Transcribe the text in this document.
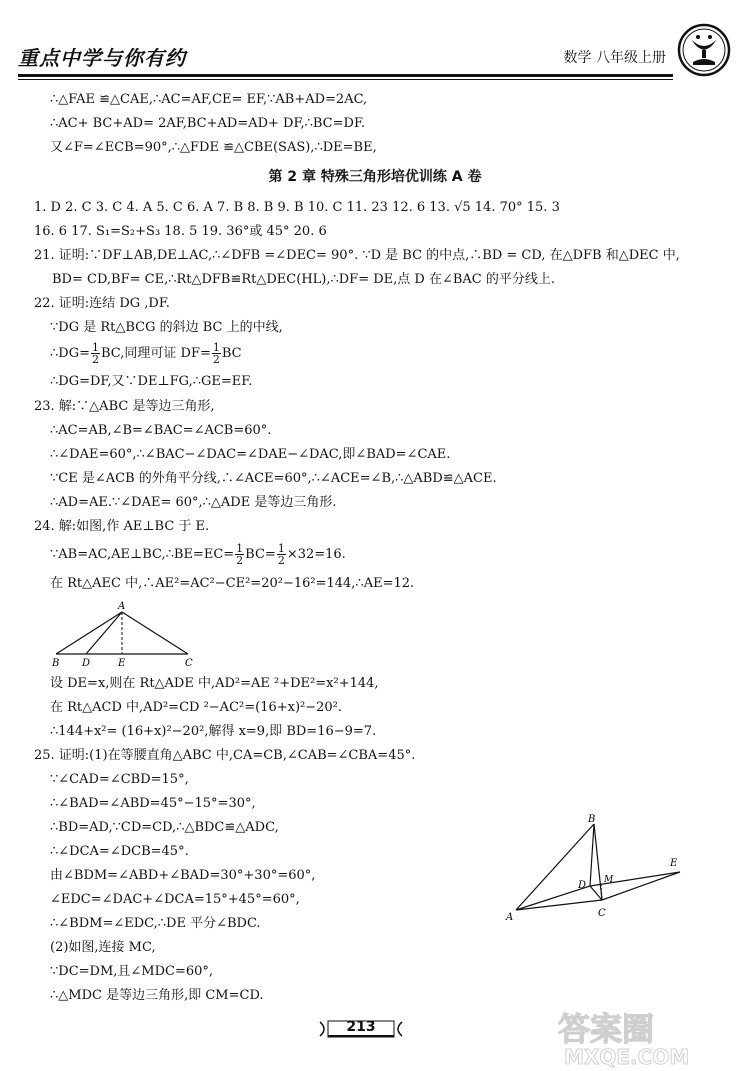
重点中学与你有约	数学 八年级上册
∴△FAE ≌△CAE,∴AC=AF,CE= EF,∵AB+AD=2AC,
∴AC+ BC+AD= 2AF,BC+AD=AD+ DF,∴BC=DF.
又∠F=∠ECB=90°,∴△FDE ≌△CBE(SAS),∴DE=BE,
第 2 章 特殊三角形培优训练 A 卷
1. D 2. C 3. C 4. A 5. C 6. A 7. B 8. B 9. B 10. C 11. 23 12. 6 13. √5 14. 70° 15. 3
16. 6 17. S₁=S₂+S₃ 18. 5 19. 36°或 45° 20. 6
21. 证明:∵DF⊥AB,DE⊥AC,∴∠DFB =∠DEC= 90°. ∵D 是 BC 的中点,∴BD = CD, 在△DFB 和△DEC 中,
BD= CD,BF= CE,∴Rt△DFB≌Rt△DEC(HL),∴DF= DE,点 D 在∠BAC 的平分线上.
22. 证明:连结 DG ,DF.
∵DG 是 Rt△BCG 的斜边 BC 上的中线,
∴DG= $\frac{1}{2}$ BC,同理可证 $DF= \frac{1}{2}$ BC
∴DG=DF,又∵DE⊥FG,∴GE=EF.
23. 解:∵△ABC 是等边三角形,
∴AC=AB,∠B=∠BAC=∠ACB=60°.
∴∠DAE=60°,∴∠BAC−∠DAC=∠DAE−∠DAC,即∠BAD=∠CAE.
∵CE 是∠ACB 的外角平分线,∴∠ACE=60°,∴∠ACE=∠B,∴△ABD≌△ACE.
∴AD=AE.∵∠DAE= 60°,∴△ADE 是等边三角形.
24. 解:如图,作 AE⊥BC 于 E.
∵AB=AC,AE⊥BC,∴BE=EC= $\frac{1}{2} BC= \frac{1}{2} \times 32=16$.
在 Rt△AEC 中,∴AE²=AC²−CE²=20²−16²=144,∴AE=12.
A
B D	E	C
设 DE=x,则在 Rt△ADE 中,AD²=AE ²+DE²=x²+144,
在 Rt△ACD 中,AD²=CD ²−AC²=(16+x)²−20².
∴144+x²= (16+x)²−20²,解得 x=9,即 BD=16−9=7.
25. 证明:(1)在等腰直角△ABC 中,CA=CB,∠CAB=∠CBA=45°.
∵∠CAD=∠CBD=15°,
∴∠BAD=∠ABD=45°−15°=30°,
∴BD=AD,∵CD=CD,∴△BDC≌△ADC,
∴∠DCA=∠DCB=45°.
由∠BDM=∠ABD+∠BAD=30°+30°=60°,
∠EDC=∠DAC+∠DCA=15°+45°=60°,
∴∠BDM=∠EDC,∴DE 平分∠BDC.
(2)如图,连接 MC,
∵DC=DM,且∠MDC=60°,
∴△MDC 是等边三角形,即 CM=CD.
B
E
D M
A	C
213	答案圈
MXQE.COM
